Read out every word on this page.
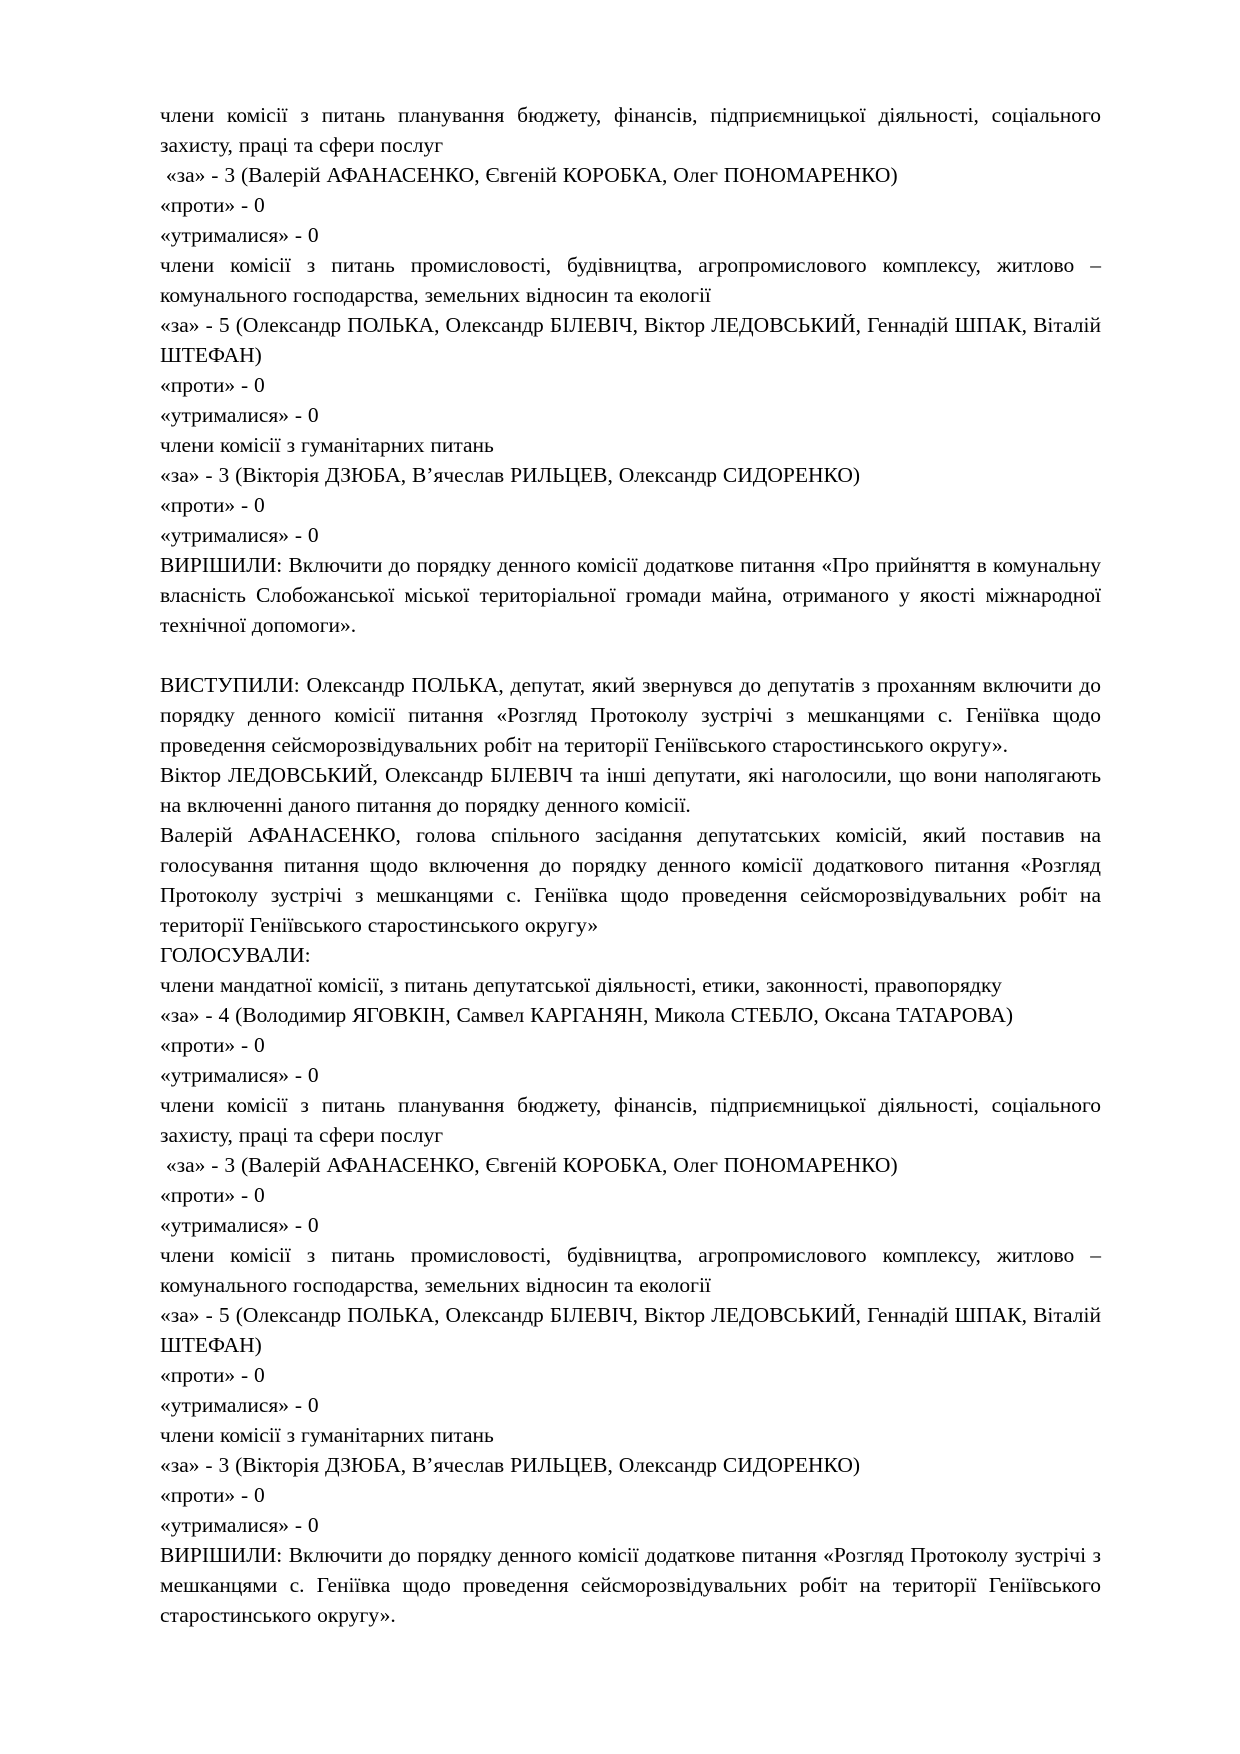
члени комісії з питань планування бюджету, фінансів, підприємницької діяльності, соціального захисту, праці та сфери послуг

«за» - 3 (Валерій АФАНАСЕНКО, Євгеній КОРОБКА, Олег ПОНОМАРЕНКО)

«проти» - 0

«утрималися» - 0

члени комісії з питань промисловості, будівництва, агропромислового комплексу, житлово – комунального господарства, земельних відносин та екології

«за» - 5 (Олександр ПОЛЬКА, Олександр БІЛЕВІЧ, Віктор ЛЕДОВСЬКИЙ, Геннадій ШПАК, Віталій ШТЕФАН)

«проти» - 0

«утрималися» - 0

члени комісії з гуманітарних питань

«за» - 3 (Вікторія ДЗЮБА, В’ячеслав РИЛЬЦЕВ, Олександр СИДОРЕНКО)

«проти» - 0

«утрималися» - 0

ВИРІШИЛИ: Включити до порядку денного комісії додаткове питання «Про прийняття в комунальну власність Слобожанської міської територіальної громади майна, отриманого у якості міжнародної технічної допомоги».

ВИСТУПИЛИ: Олександр ПОЛЬКА, депутат, який звернувся до депутатів з проханням включити до порядку денного комісії питання «Розгляд Протоколу зустрічі з мешканцями с. Геніївка щодо проведення сейсморозвідувальних робіт на території Геніївського старостинського округу».

Віктор ЛЕДОВСЬКИЙ, Олександр БІЛЕВІЧ та інші депутати, які наголосили, що вони наполягають на включенні даного питання до порядку денного комісії.

Валерій АФАНАСЕНКО, голова спільного засідання депутатських комісій, який поставив на голосування питання щодо включення до порядку денного комісії додаткового питання «Розгляд Протоколу зустрічі з мешканцями с. Геніївка щодо проведення сейсморозвідувальних робіт на території Геніївського старостинського округу»

ГОЛОСУВАЛИ:

члени мандатної комісії, з питань депутатської діяльності, етики, законності, правопорядку

«за» - 4 (Володимир ЯГОВКІН, Самвел КАРГАНЯН, Микола СТЕБЛО, Оксана ТАТАРОВА)

«проти» - 0

«утрималися» - 0

члени комісії з питань планування бюджету, фінансів, підприємницької діяльності, соціального захисту, праці та сфери послуг

«за» - 3 (Валерій АФАНАСЕНКО, Євгеній КОРОБКА, Олег ПОНОМАРЕНКО)

«проти» - 0

«утрималися» - 0

члени комісії з питань промисловості, будівництва, агропромислового комплексу, житлово – комунального господарства, земельних відносин та екології

«за» - 5 (Олександр ПОЛЬКА, Олександр БІЛЕВІЧ, Віктор ЛЕДОВСЬКИЙ, Геннадій ШПАК, Віталій ШТЕФАН)

«проти» - 0

«утрималися» - 0

члени комісії з гуманітарних питань

«за» - 3 (Вікторія ДЗЮБА, В’ячеслав РИЛЬЦЕВ, Олександр СИДОРЕНКО)

«проти» - 0

«утрималися» - 0

ВИРІШИЛИ: Включити до порядку денного комісії додаткове питання «Розгляд Протоколу зустрічі з мешканцями с. Геніївка щодо проведення сейсморозвідувальних робіт на території Геніївського старостинського округу».
